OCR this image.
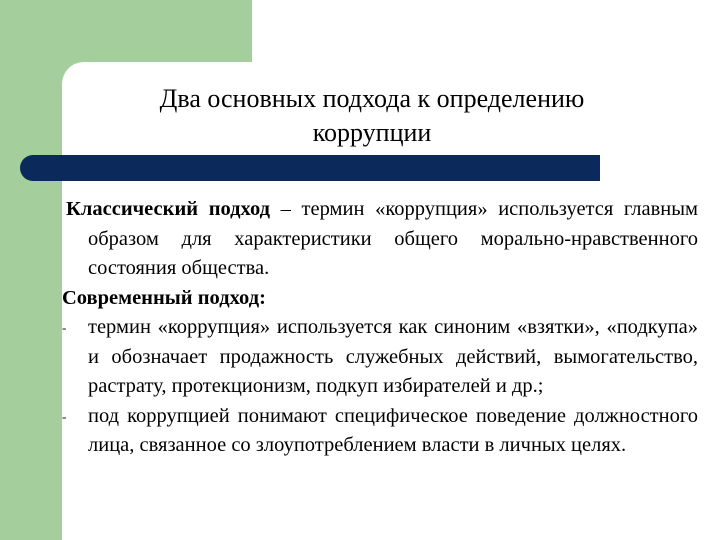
Два основных подхода к определению
коррупции
Классический подход – термин «коррупция» используется главным образом для характеристики общего морально-нравственного состояния общества.
Современный подход:
- термин «коррупция» используется как синоним «взятки», «подкупа» и обозначает продажность служебных действий, вымогательство, растрату, протекционизм, подкуп избирателей и др.;
- под коррупцией понимают специфическое поведение должностного лица, связанное со злоупотреблением власти в личных целях.
